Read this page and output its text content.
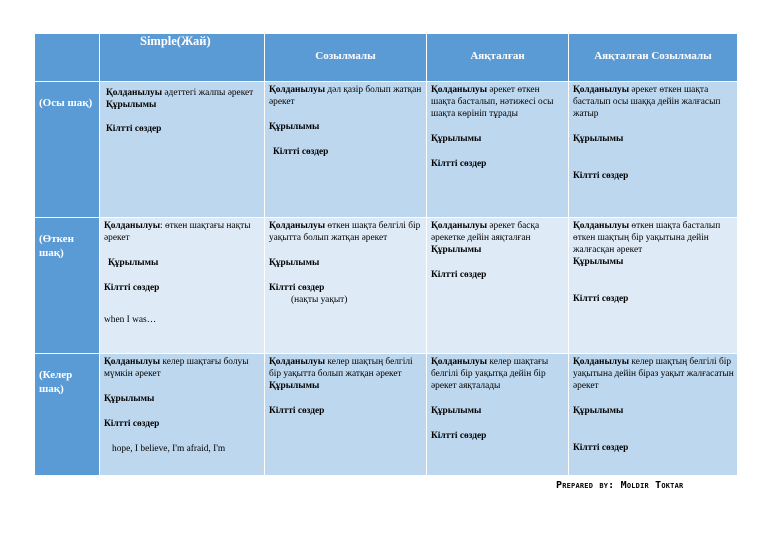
Simple(Жай)
Созылмалы	Аяқталған	Аяқталған Созылмалы
(Осы шақ)
Қолданылуы әдеттегі жалпы әрекет
Құрылымы
Кілтті сөздер
Қолданылуы дәл қазір болып жатқан әрекет
Құрылымы
Кілтті сөздер
Қолданылуы әрекет өткен шақта басталып, нәтижесі осы шақта көрініп тұрады
Құрылымы
Кілтті сөздер
Қолданылуы әрекет өткен шақта басталып осы шаққа дейін жалғасып жатыр
Құрылымы
Кілтті сөздер
(Өткен шақ)
Қолданылуы: өткен шақтағы нақты әрекет
Құрылымы
Кілтті сөздер
when I was…
Қолданылуы өткен шақта белгілі бір уақытта болып жатқан әрекет
Құрылымы
Кілтті сөздер
(нақты уақыт)
Қолданылуы әрекет басқа әрекетке дейін аяқталған
Құрылымы
Кілтті сөздер
Қолданылуы өткен шақта басталып өткен шақтың бір уақытына дейін жалғасқан әрекет
Құрылымы
Кілтті сөздер
(Келер шақ)
Қолданылуы келер шақтағы болуы мүмкін әрекет
Құрылымы
Кілтті сөздер
hope, I believe, I'm afraid, I'm
Қолданылуы келер шақтың белгілі бір уақытта болып жатқан әрекет
Құрылымы
Кілтті сөздер
Қолданылуы келер шақтағы белгілі бір уақытқа дейін бір әрекет аяқталады
Құрылымы
Кілтті сөздер
Қолданылуы келер шақтың белгілі бір уақытына дейін біраз уақыт жалғасатын әрекет
Құрылымы
Кілтті сөздер
Prepared by: Moldir Toktar
